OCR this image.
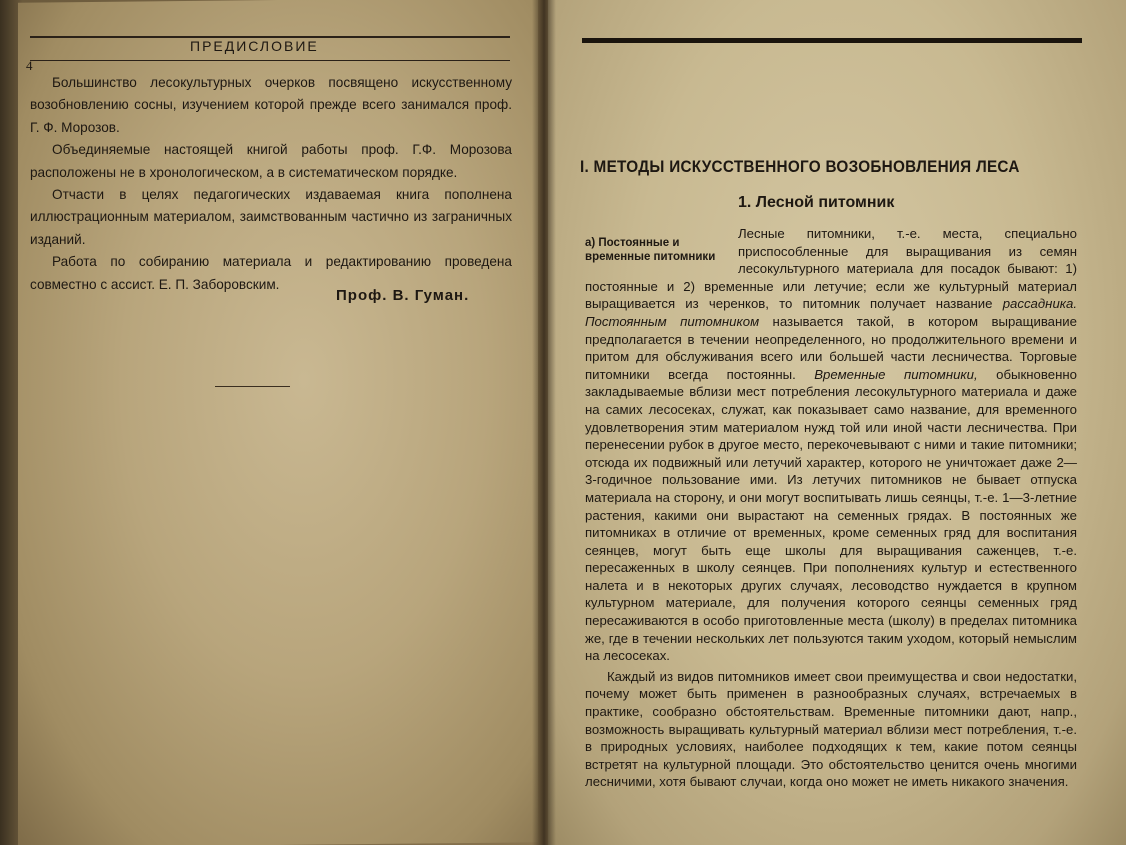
ПРЕДИСЛОВИЕ
4

Большинство лесокультурных очерков посвящено искусственному возобновлению сосны, изучением которой прежде всего занимался проф. Г. Ф. Морозов.

Объединяемые настоящей книгой работы проф. Г.Ф. Морозова расположены не в хронологическом, а в систематическом порядке.

Отчасти в целях педагогических издаваемая книга пополнена иллюстрационным материалом, заимствованным частично из заграничных изданий.

Работа по собиранию материала и редактированию проведена совместно с ассист. Е. П. Заборовским.

Проф. В. Гуман.
I. МЕТОДЫ ИСКУССТВЕННОГО ВОЗОБНОВЛЕНИЯ ЛЕСА
1. Лесной питомник
а) Постоянные и временные питомники

Лесные питомники, т.-е. места, специально приспособленные для выращивания из семян лесокультурного материала для посадок бывают: 1) постоянные и 2) временные или летучие; если же культурный материал выращивается из черенков, то питомник получает название рассадника. Постоянным питомником называется такой, в котором выращивание предполагается в течении неопределенного, но продолжительного времени и притом для обслуживания всего или большей части лесничества. Торговые питомники всегда постоянны. Временные питомники, обыкновенно закладываемые вблизи мест потребления лесокультурного материала и даже на самих лесосеках, служат, как показывает само название, для временного удовлетворения этим материалом нужд той или иной части лесничества. При перенесении рубок в другое место, перекочевывают с ними и такие питомники; отсюда их подвижный или летучий характер, которого не уничтожает даже 2—3-годичное пользование ими. Из летучих питомников не бывает отпуска материала на сторону, и они могут воспитывать лишь сеянцы, т.-е. 1—3-летние растения, какими они вырастают на семенных грядах. В постоянных же питомниках в отличие от временных, кроме семенных гряд для воспитания сеянцев, могут быть еще школы для выращивания саженцев, т.-е. пересаженных в школу сеянцев. При пополнениях культур и естественного налета и в некоторых других случаях, лесоводство нуждается в крупном культурном материале, для получения которого сеянцы семенных гряд пересаживаются в особо приготовленные места (школу) в пределах питомника же, где в течении нескольких лет пользуются таким уходом, который немыслим на лесосеках.

Каждый из видов питомников имеет свои преимущества и свои недостатки, почему может быть применен в разнообразных случаях, встречаемых в практике, сообразно обстоятельствам. Временные питомники дают, напр., возможность выращивать культурный материал вблизи мест потребления, т.-е. в природных условиях, наиболее подходящих к тем, какие потом сеянцы встретят на культурной площади. Это обстоятельство ценится очень многими лесничими, хотя бывают случаи, когда оно может не иметь никакого значения.
